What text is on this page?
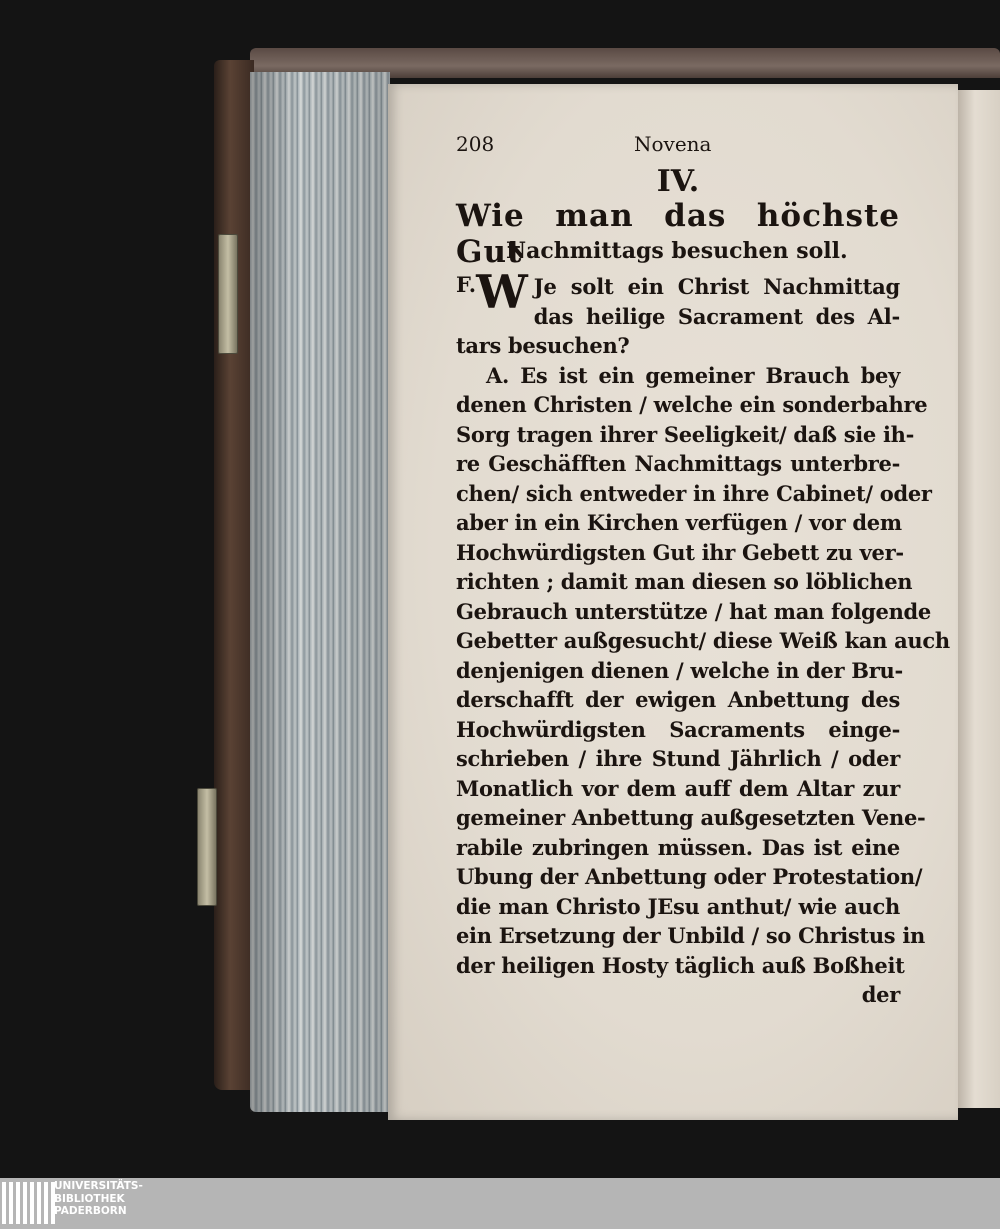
208	Novena
IV.
Wie man das höchste Gut
Nachmittags besuchen soll.
F. W Je solt ein Christ Nachmittag
das heilige Sacrament des Al-
tars besuchen?
A. Es ist ein gemeiner Brauch bey
denen Christen / welche ein sonderbahre
Sorg tragen ihrer Seeligkeit/ daß sie ih-
re Geschäfften Nachmittags unterbre-
chen/ sich entweder in ihre Cabinet/ oder
aber in ein Kirchen verfügen / vor dem
Hochwürdigsten Gut ihr Gebett zu ver-
richten ; damit man diesen so löblichen
Gebrauch unterstütze / hat man folgende
Gebetter außgesucht/ diese Weiß kan auch
denjenigen dienen / welche in der Bru-
derschafft der ewigen Anbettung des
Hochwürdigsten Sacraments einge-
schrieben / ihre Stund Jährlich / oder
Monatlich vor dem auff dem Altar zur
gemeiner Anbettung außgesetzten Vene-
rabile zubringen müssen. Das ist eine
Ubung der Anbettung oder Protestation/
die man Christo JEsu anthut/ wie auch
ein Ersetzung der Unbild / so Christus in
der heiligen Hosty täglich auß Boßheit
der
UNIVERSITÄTS-
BIBLIOTHEK
PADERBORN
